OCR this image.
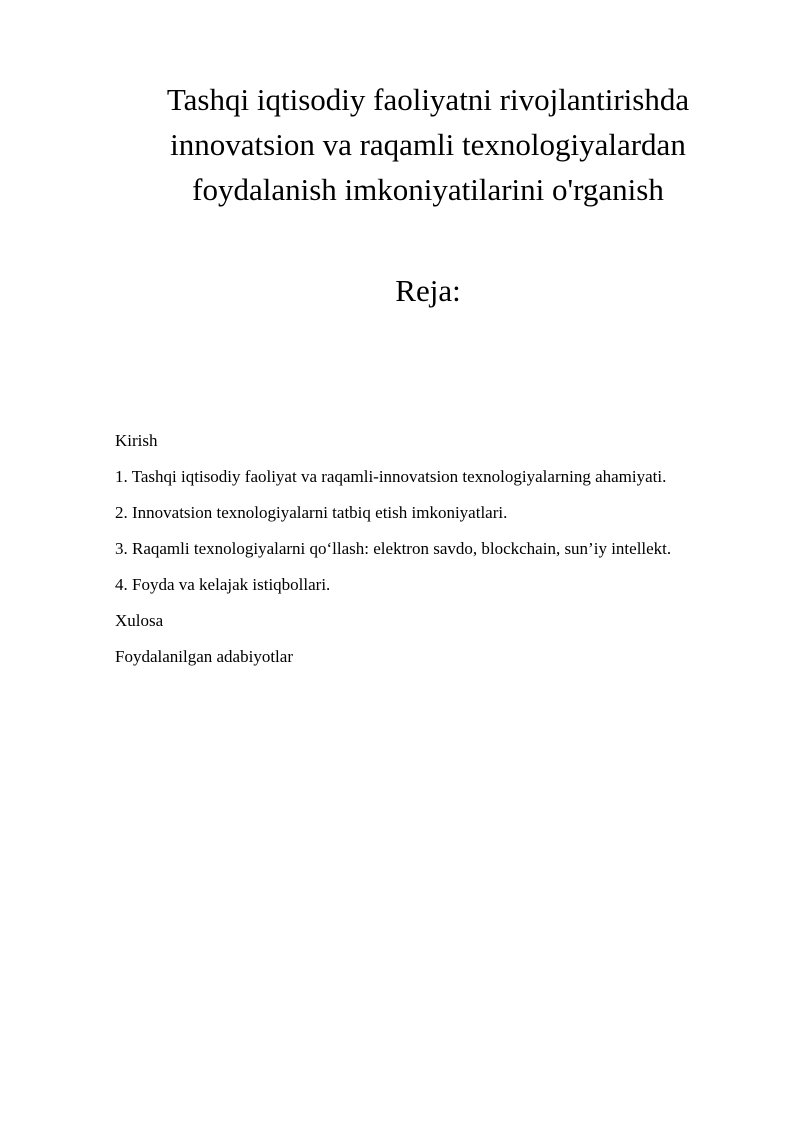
Tashqi iqtisodiy faoliyatni rivojlantirishda
innovatsion va raqamli texnologiyalardan
foydalanish imkoniyatilarini o'rganish
Reja:
Kirish
1. Tashqi iqtisodiy faoliyat va raqamli-innovatsion texnologiyalarning ahamiyati.
2. Innovatsion texnologiyalarni tatbiq etish imkoniyatlari.
3. Raqamli texnologiyalarni qo‘llash: elektron savdo, blockchain, sun’iy intellekt.
4. Foyda va kelajak istiqbollari.
Xulosa
Foydalanilgan adabiyotlar
